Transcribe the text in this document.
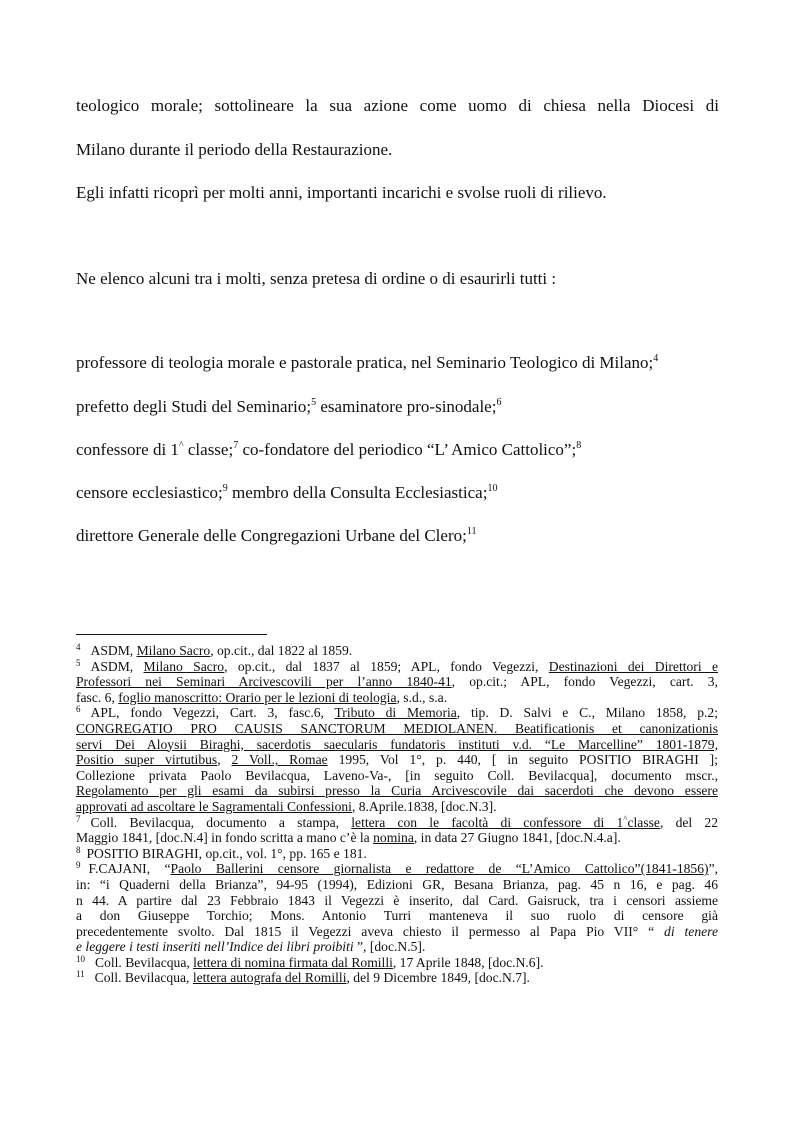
teologico morale; sottolineare la sua azione come uomo di chiesa nella Diocesi di
Milano durante il periodo della Restaurazione.
Egli infatti ricoprì per molti anni, importanti incarichi e svolse ruoli di rilievo.
Ne elenco alcuni tra i molti, senza pretesa di ordine o di esaurirli tutti :
professore di teologia morale e pastorale pratica, nel Seminario Teologico di Milano;$^4$
prefetto degli Studi del Seminario;$^5$ esaminatore pro-sinodale;$^6$
confessore di 1^ classe;$^7$ co-fondatore del periodico “L’ Amico Cattolico”;$^8$
censore ecclesiastico;$^9$ membro della Consulta Ecclesiastica;$^{10}$
direttore Generale delle Congregazioni Urbane del Clero;$^{11}$
$^4$ ASDM, Milano Sacro, op.cit., dal 1822 al 1859.
$^5$ ASDM, Milano Sacro, op.cit., dal 1837 al 1859; APL, fondo Vegezzi, Destinazioni dei Direttori e
Professori nei Seminari Arcivescovili per l’anno 1840-41, op.cit.; APL, fondo Vegezzi, cart. 3,
fasc. 6, foglio manoscritto: Orario per le lezioni di teologia, s.d., s.a.
$^6$ APL, fondo Vegezzi, Cart. 3, fasc.6, Tributo di Memoria, tip. D. Salvi e C., Milano 1858, p.2;
CONGREGATIO PRO CAUSIS SANCTORUM MEDIOLANEN. Beatificationis et canonizationis
servi Dei Aloysii Biraghi, sacerdotis saecularis fundatoris instituti v.d. “Le Marcelline” 1801-1879,
Positio super virtutibus, 2 Voll., Romae 1995, Vol 1°, p. 440, [ in seguito POSITIO BIRAGHI ];
Collezione privata Paolo Bevilacqua, Laveno-Va-, [in seguito Coll. Bevilacqua], documento mscr.,
Regolamento per gli esami da subirsi presso la Curia Arcivescovile dai sacerdoti che devono essere
approvati ad ascoltare le Sagramentali Confessioni, 8.Aprile.1838, [doc.N.3].
$^7$ Coll. Bevilacqua, documento a stampa, lettera con le facoltà di confessore di 1^classe, del 22
Maggio 1841, [doc.N.4] in fondo scritta a mano c’è la nomina, in data 27 Giugno 1841, [doc.N.4.a].
$^8$ POSITIO BIRAGHI, op.cit., vol. 1°, pp. 165 e 181.
$^9$ F.CAJANI, “Paolo Ballerini censore giornalista e redattore de “L’Amico Cattolico”(1841-1856)”,
in: “i Quaderni della Brianza”, 94-95 (1994), Edizioni GR, Besana Brianza, pag. 45 n 16, e pag. 46
n 44. A partire dal 23 Febbraio 1843 il Vegezzi è inserito, dal Card. Gaisruck, tra i censori assieme
a don Giuseppe Torchio; Mons. Antonio Turri manteneva il suo ruolo di censore già
precedentemente svolto. Dal 1815 il Vegezzi aveva chiesto il permesso al Papa Pio VII° “ di tenere
e leggere i testi inseriti nell’Indice dei libri proibiti ”, [doc.N.5].
$^{10}$ Coll. Bevilacqua, lettera di nomina firmata dal Romilli, 17 Aprile 1848, [doc.N.6].
$^{11}$ Coll. Bevilacqua, lettera autografa del Romilli, del 9 Dicembre 1849, [doc.N.7].
